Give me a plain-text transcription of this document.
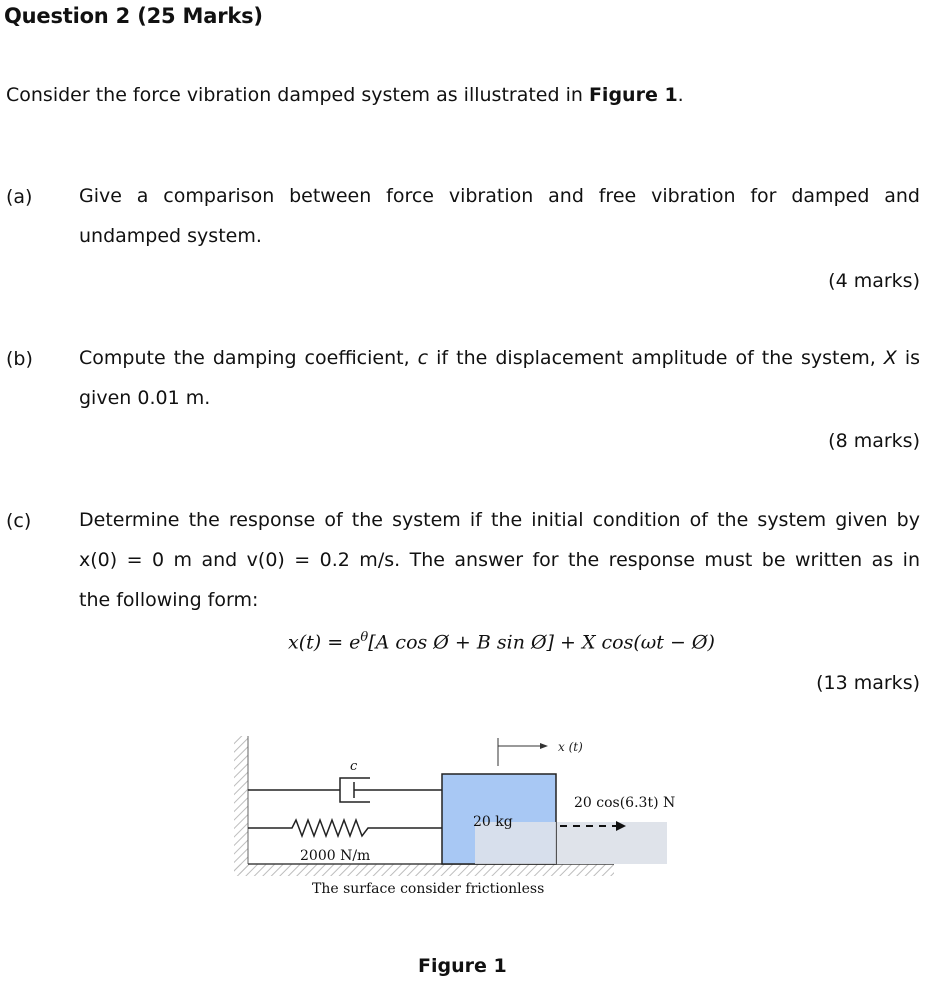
Question 2 (25 Marks)
Consider the force vibration damped system as illustrated in Figure 1.
(a) Give a comparison between force vibration and free vibration for damped and
undamped system.
(4 marks)
(b) Compute the damping coefficient, c if the displacement amplitude of the system, X is
given 0.01 m.
(8 marks)
(c)	Determine the response of the system if the initial condition of the system given by
x(0) = 0 m and v(0) = 0.2 m/s. The answer for the response must be written as in
the following form:
$x(t) = e^\theta[A$ cos Ø + B sin Ø] + X cos(ωt − Ø)
(13 marks)
20 kg
c
2000 N/m
x (t)
20 cos(6.3t) N
The surface consider frictionless
Figure 1
